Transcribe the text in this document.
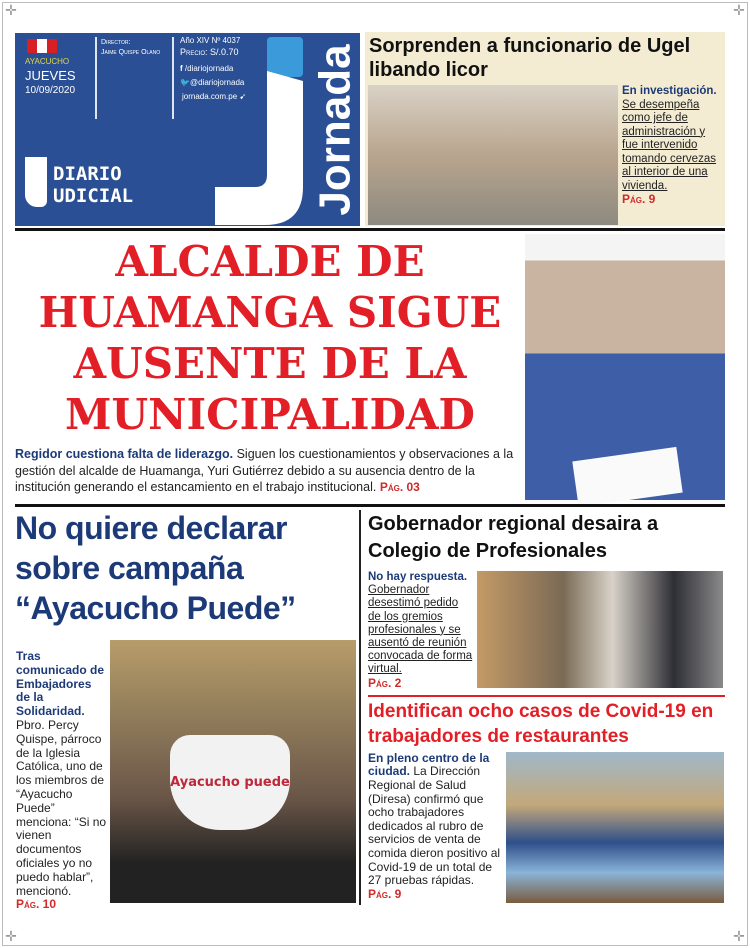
✛	✛
✛	✛
AYACUCHO
JUEVES
10/09/2020
Director:
Jaime Quispe Olano
Año XIV Nº 4037
Precio: S/.0.70
f /diariojornada
🐦@diariojornada
jornada.com.pe ➹ Jornada
DIARIO
UDICIAL
Sorprenden a funcionario de Ugel libando licor
En investigación. Se desempeña como jefe de administración y fue intervenido tomando cervezas al interior de una vivienda.
Pág. 9
ALCALDE DE
HUAMANGA SIGUE
AUSENTE DE LA
MUNICIPALIDAD
Regidor cuestiona falta de liderazgo. Siguen los cuestionamientos y observaciones a la gestión del alcalde de Huamanga, Yuri Gutiérrez debido a su ausencia dentro de la institución generando el estancamiento en el trabajo institucional. Pág. 03
No quiere declarar
sobre campaña
“Ayacucho Puede”
Tras comunicado de Embajadores de la Solidaridad. Pbro. Percy Quispe, párroco de la Iglesia Católica, uno de los miembros de “Ayacucho Puede” menciona: “Si no vienen documentos oficiales yo no puedo hablar”, mencionó.
Pág. 10
Ayacucho puede
Gobernador regional desaira a Colegio de Profesionales
No hay respuesta. Gobernador desestimó pedido de los gremios profesionales y se ausentó de reunión convocada de forma virtual.
Pág. 2
Identifican ocho casos de Covid-19 en trabajadores de restaurantes
En pleno centro de la ciudad. La Dirección Regional de Salud (Diresa) confirmó que ocho trabajadores dedicados al rubro de servicios de venta de comida dieron positivo al Covid-19 de un total de 27 pruebas rápidas.
Pág. 9
